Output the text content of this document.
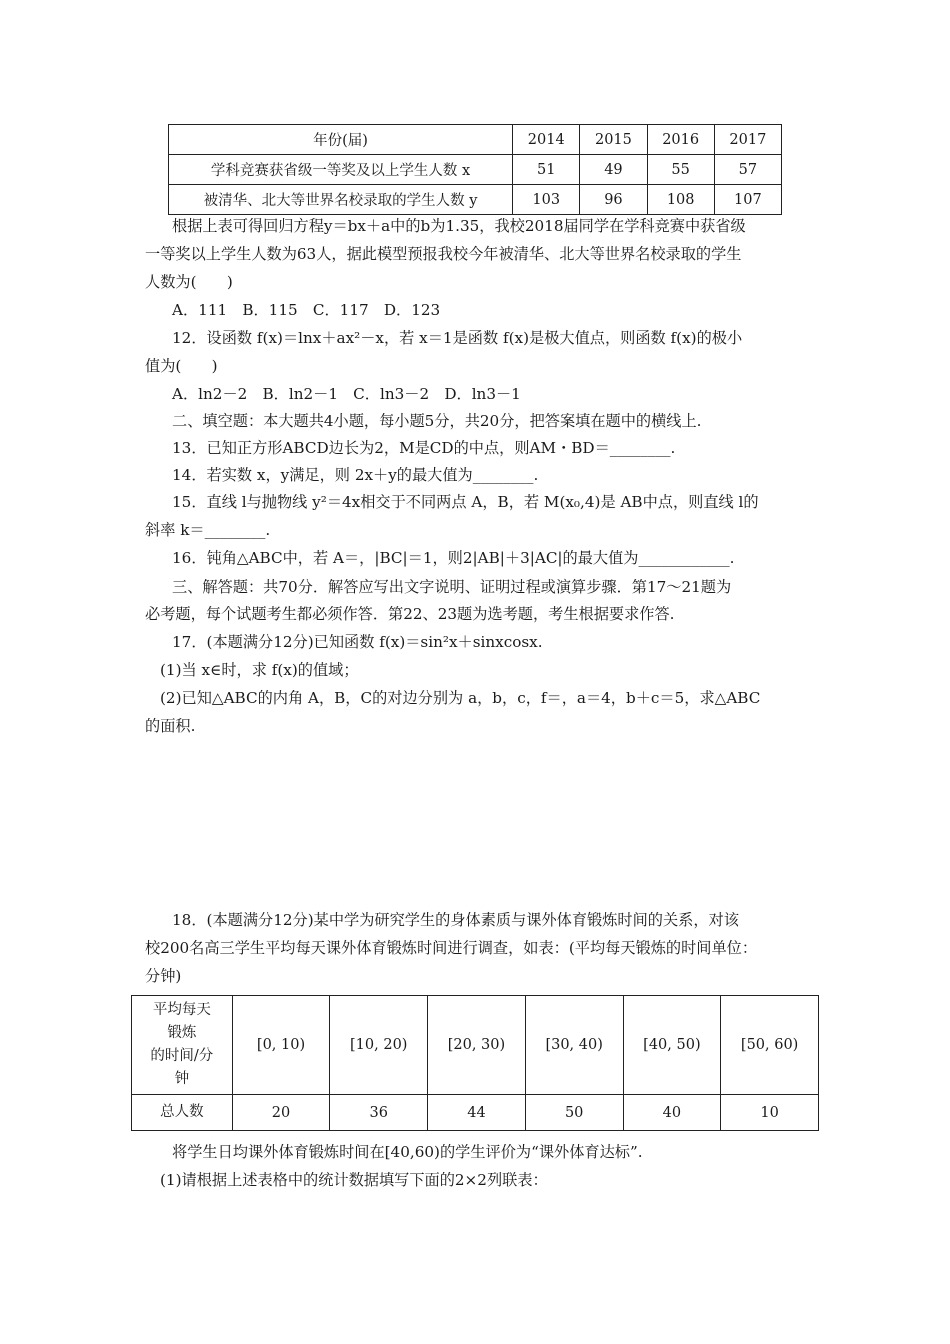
年份(届)	2014	2015	2016	2017
学科竞赛获省级一等奖及以上学生人数 x	51	49	55	57
被清华、北大等世界名校录取的学生人数 y	103	96	108	107
根据上表可得回归方程y＝bx＋a中的b为1.35，我校2018届同学在学科竞赛中获省级
一等奖以上学生人数为63人，据此模型预报我校今年被清华、北大等世界名校录取的学生
人数为(　　)
A．111　B．115　C．117　D．123
12．设函数 f(x)＝lnx＋ax²－x，若 x＝1是函数 f(x)是极大值点，则函数 f(x)的极小
值为(　　)
A．ln2－2　B．ln2－1　C．ln3－2　D．ln3－1
二、填空题：本大题共4小题，每小题5分，共20分，把答案填在题中的横线上.
13．已知正方形ABCD边长为2，M是CD的中点，则AM・BD＝________.
14．若实数 x，y满足，则 2x＋y的最大值为________.
15．直线 l与抛物线 y²＝4x相交于不同两点 A，B，若 M(x₀,4)是 AB中点，则直线 l的
斜率 k＝________.
16．钝角△ABC中，若 A＝，|BC|＝1，则2|AB|＋3|AC|的最大值为____________.
三、解答题：共70分．解答应写出文字说明、证明过程或演算步骤．第17～21题为
必考题，每个试题考生都必须作答．第22、23题为选考题，考生根据要求作答.
17．(本题满分12分)已知函数 f(x)＝sin²x＋sinxcosx.
(1)当 x∈时，求 f(x)的值域；
(2)已知△ABC的内角 A，B，C的对边分别为 a，b，c，f＝，a＝4，b＋c＝5，求△ABC
的面积.
18．(本题满分12分)某中学为研究学生的身体素质与课外体育锻炼时间的关系，对该
校200名高三学生平均每天课外体育锻炼时间进行调查，如表：(平均每天锻炼的时间单位：
分钟)
平均每天
锻炼
的时间/分
钟	[0, 10)	[10, 20)	[20, 30)	[30, 40)	[40, 50)	[50, 60)
总人数	20	36	44	50	40	10
将学生日均课外体育锻炼时间在[40,60)的学生评价为“课外体育达标”.
(1)请根据上述表格中的统计数据填写下面的2×2列联表：
